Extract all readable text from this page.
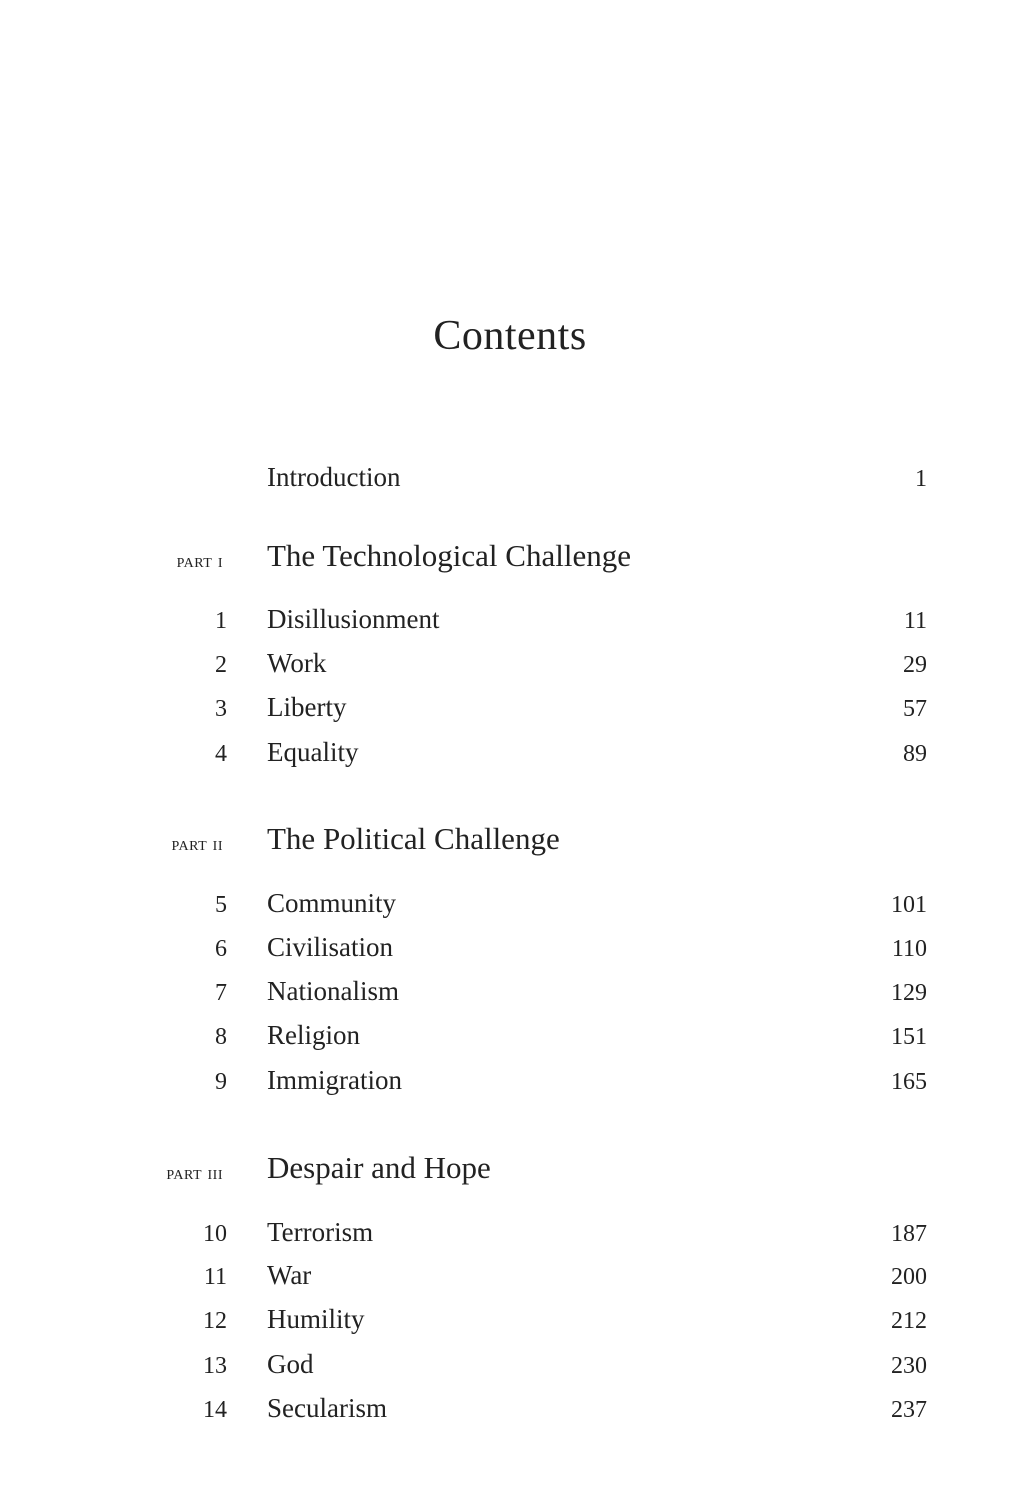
Contents
Introduction	1
part i The Technological Challenge
1 Disillusionment	11
2 Work	29
3 Liberty	57
4 Equality	89
part ii The Political Challenge
5 Community	101
6 Civilisation	110
7 Nationalism	129
8 Religion	151
9 Immigration	165
part iii Despair and Hope
10 Terrorism	187
11 War	200
12 Humility	212
13 God	230
14 Secularism	237
